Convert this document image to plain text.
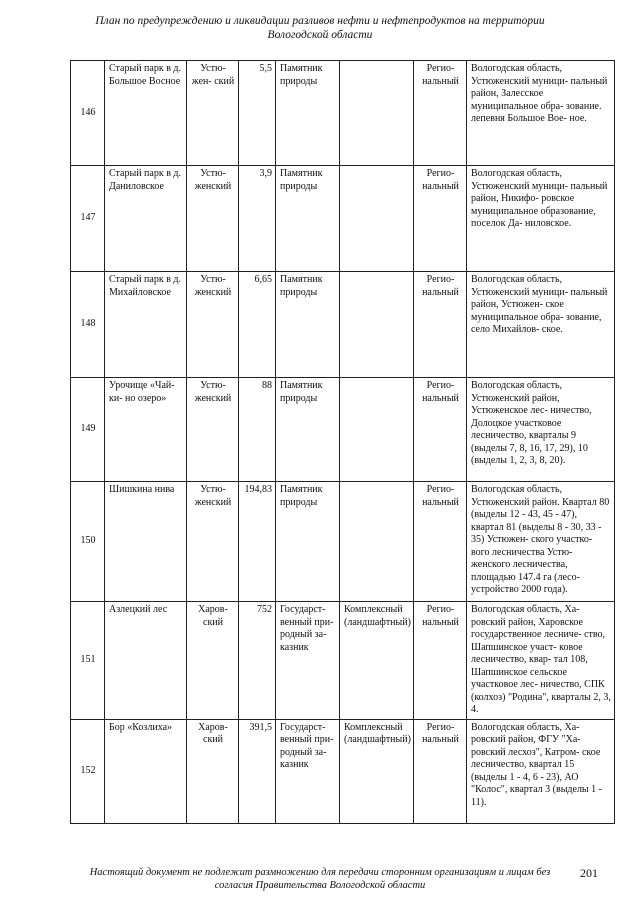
План по предупреждению и ликвидации разливов нефти и нефтепродуктов на территории
Вологодской области
146	Старый парк в д. Большое Восное	Устю- жен- ский	5,5	Памятник природы		Регио- нальный	Вологодская область, Устюженский муници- пальный район, Залесское муниципальное обра- зование. лепевня Большое Вое- ное.
147	Старый парк в д. Даниловское	Устю- женский	3,9	Памятник природы		Регио- нальный	Вологодская область, Устюженский муници- пальный район, Никифо- ровское муниципальное образование, поселок Да- ниловское.
148	Старый парк в д. Михайловское	Устю- женский	6,65	Памятник природы		Регио- нальный	Вологодская область, Устюженский муници- пальный район, Устюжен- ское муниципальное обра- зование, село Михайлов- ское.
149	Урочище «Чай- ки- но озеро»	Устю- женский	88	Памятник природы		Регио- нальный	Вологодская область, Устюженский район, Устюженское лес- ничество, Долоцкое участковое лесничество, кварталы 9 (выделы 7, 8, 16, 17, 29), 10 (выделы 1, 2, 3, 8, 20).
150	Шишкина нива	Устю- женский	194,83	Памятник природы		Регио- нальный	Вологодская область, Устюженский район. Квартал 80 (выделы 12 - 43, 45 - 47), квартал 81 (выделы 8 - 30, 33 - 35) Устюжен- ского участко- вого лесничества Устю- женского лесничества, площадью 147.4 га (лесо- устройство 2000 года).
151	Азлецкий лес	Харов- ский	752	Государст- венный при- родный за- казник	Комплексный (ландшафтный)	Регио- нальный	Вологодская область, Ха- ровский район, Харовское государственное лесниче- ство, Шапшинское участ- ковое лесничество, квар- тал 108, Шапшинское сельское участковое лес- ничество, СПК (колхоз) "Родина", кварталы 2, 3, 4.
152	Бор «Козлиха»	Харов- ский	391,5	Государст- венный при- родный за- казник	Комплексный (ландшафтный)	Регио- нальный	Вологодская область, Ха- ровский район, ФГУ "Ха- ровский лесхоз", Катром- ское лесничество, квартал 15 (выделы 1 - 4, 6 - 23), АО "Колос", квартал 3 (выделы 1 - 11).
Настоящий документ не подлежит размножению для передачи сторонним организациям и лицам без
согласия Правительства Вологодской области
201
